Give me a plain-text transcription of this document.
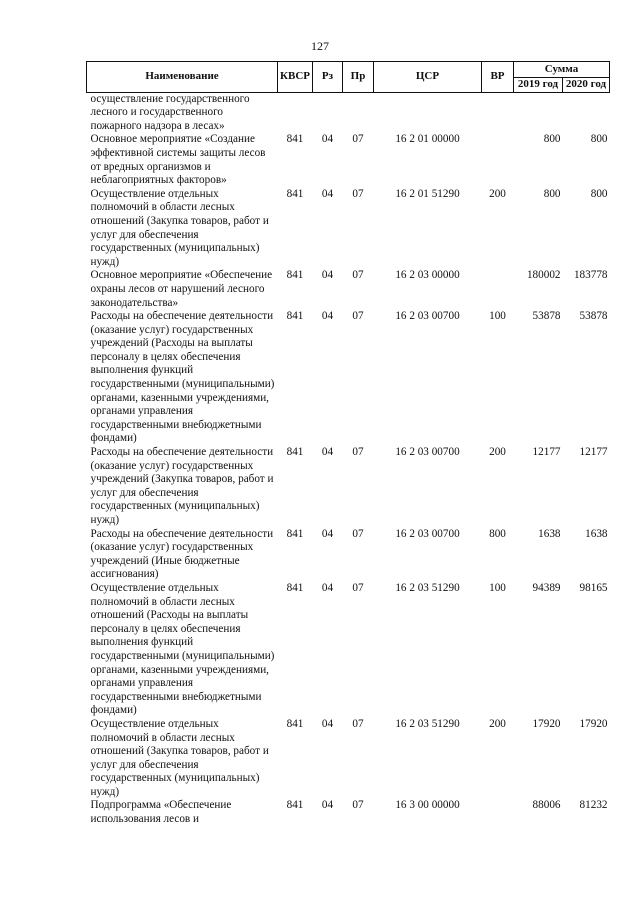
127
Наименование	КВСР	Рз	Пр	ЦСР	ВР	Сумма	
						2019 год	2020 год
осуществление государственного лесного и государственного пожарного надзора в лесах»							
Основное мероприятие «Создание эффективной системы защиты лесов от вредных организмов и неблагоприятных факторов»	841	04	07	16 2 01 00000		800	800
Осуществление отдельных полномочий в области лесных отношений (Закупка товаров, работ и услуг для обеспечения государственных (муниципальных) нужд)	841	04	07	16 2 01 51290	200	800	800
Основное мероприятие «Обеспечение охраны лесов от нарушений лесного законодательства»	841	04	07	16 2 03 00000		180002	183778
Расходы на обеспечение деятельности (оказание услуг) государственных учреждений (Расходы на выплаты персоналу в целях обеспечения выполнения функций государственными (муниципальными) органами, казенными учреждениями, органами управления государственными внебюджетными фондами)	841	04	07	16 2 03 00700	100	53878	53878
Расходы на обеспечение деятельности (оказание услуг) государственных учреждений (Закупка товаров, работ и услуг для обеспечения государственных (муниципальных) нужд)	841	04	07	16 2 03 00700	200	12177	12177
Расходы на обеспечение деятельности (оказание услуг) государственных учреждений (Иные бюджетные ассигнования)	841	04	07	16 2 03 00700	800	1638	1638
Осуществление отдельных полномочий в области лесных отношений (Расходы на выплаты персоналу в целях обеспечения выполнения функций государственными (муниципальными) органами, казенными учреждениями, органами управления государственными внебюджетными фондами)	841	04	07	16 2 03 51290	100	94389	98165
Осуществление отдельных полномочий в области лесных отношений (Закупка товаров, работ и услуг для обеспечения государственных (муниципальных) нужд)	841	04	07	16 2 03 51290	200	17920	17920
Подпрограмма «Обеспечение использования лесов и	841	04	07	16 3 00 00000		88006	81232
